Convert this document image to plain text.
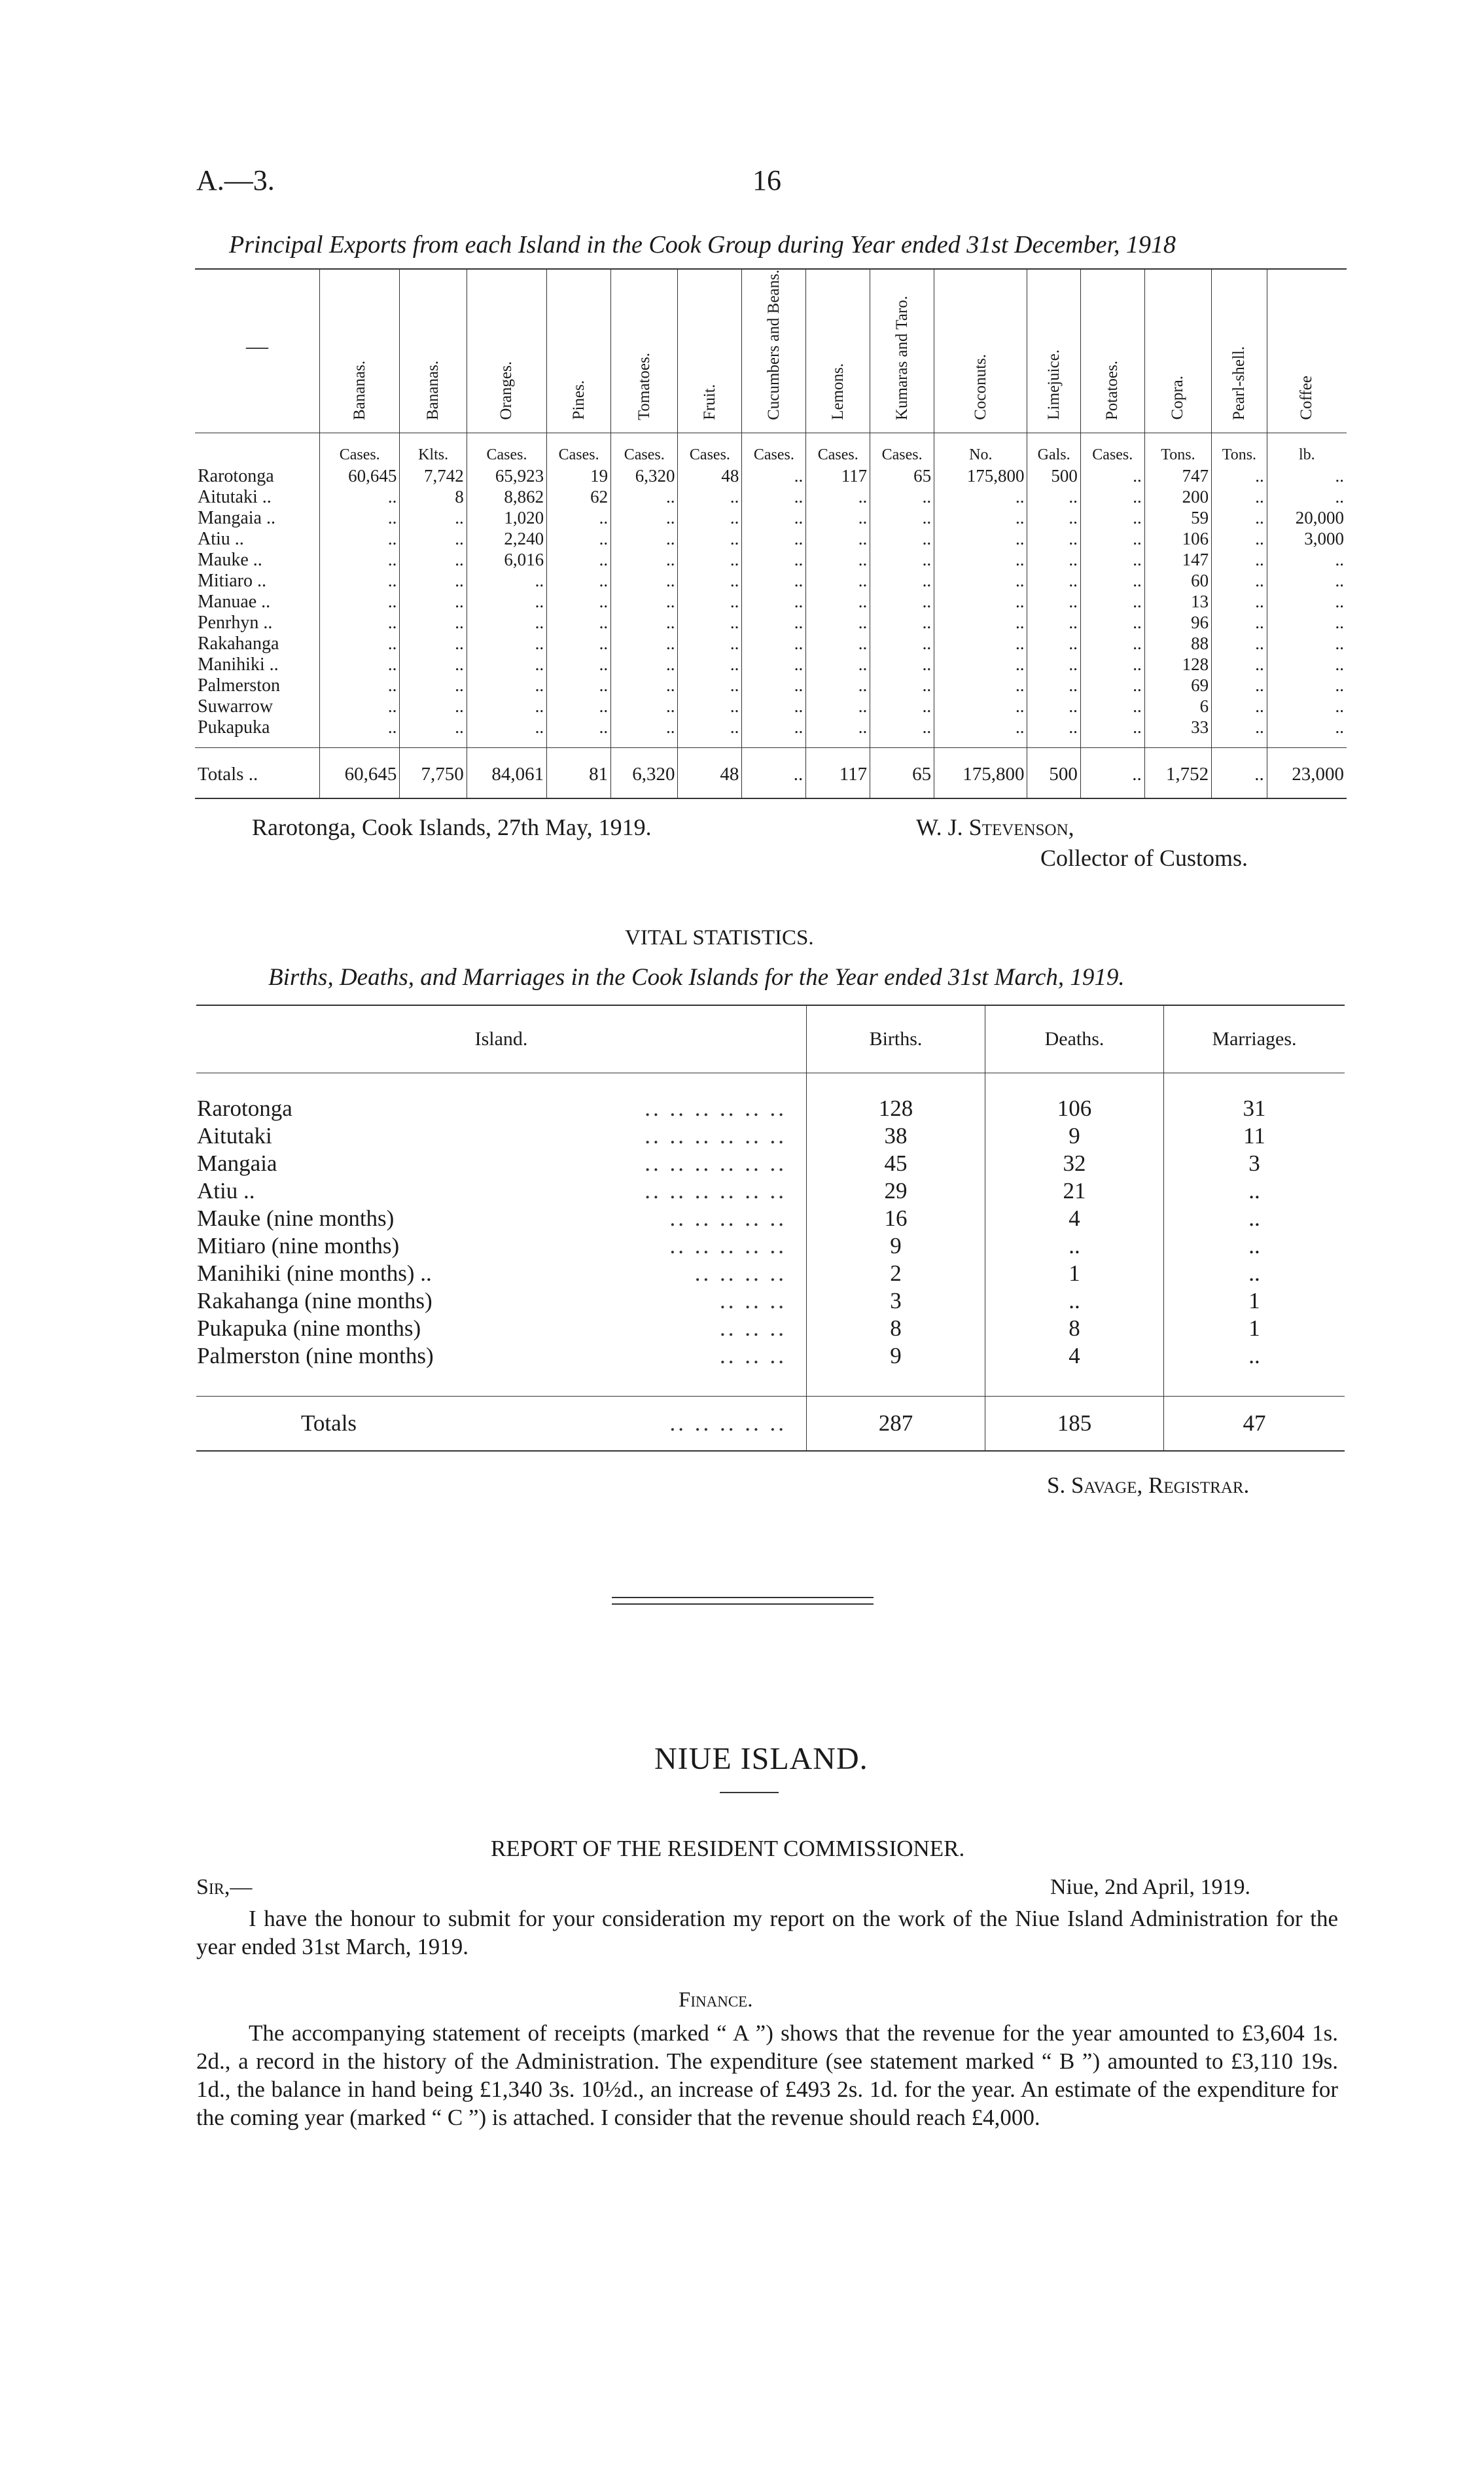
A.—3.	16
Principal Exports from each Island in the Cook Group during Year ended 31st December, 1918
—	Bananas.	Bananas.	Oranges.	Pines.	Tomatoes.	Fruit.	Cucumbers and Beans.	Lemons.	Kumaras and Taro.	Coconuts.	Limejuice.	Potatoes.	Copra.	Pearl-shell.	Coffee
	Cases.	Klts.	Cases.	Cases.	Cases.	Cases.	Cases.	Cases.	Cases.	No.	Gals.	Cases.	Tons.	Tons.	lb.
Rarotonga	60,645	7,742	65,923	19	6,320	48	..	117	65	175,800	500	..	747	..	..
Aitutaki ..	..	8	8,862	62	..	..	..	..	..	..	..	..	200	..	..
Mangaia ..	..	..	1,020	..	..	..	..	..	..	..	..	..	59	..	20,000
Atiu ..	..	..	2,240	..	..	..	..	..	..	..	..	..	106	..	3,000
Mauke ..	..	..	6,016	..	..	..	..	..	..	..	..	..	147	..	..
Mitiaro ..	..	..	..	..	..	..	..	..	..	..	..	..	60	..	..
Manuae ..	..	..	..	..	..	..	..	..	..	..	..	..	13	..	..
Penrhyn ..	..	..	..	..	..	..	..	..	..	..	..	..	96	..	..
Rakahanga	..	..	..	..	..	..	..	..	..	..	..	..	88	..	..
Manihiki ..	..	..	..	..	..	..	..	..	..	..	..	..	128	..	..
Palmerston	..	..	..	..	..	..	..	..	..	..	..	..	69	..	..
Suwarrow	..	..	..	..	..	..	..	..	..	..	..	..	6	..	..
Pukapuka	..	..	..	..	..	..	..	..	..	..	..	..	33	..	..
Totals ..	60,645	7,750	84,061	81	6,320	48	..	117	65	175,800	500	..	1,752	..	23,000
Rarotonga, Cook Islands, 27th May, 1919.	W. J. Stevenson,
Collector of Customs.
VITAL STATISTICS.
Births, Deaths, and Marriages in the Cook Islands for the Year ended 31st March, 1919.
Island.	Births.	Deaths.	Marriages.
Rarotonga .. .. .. .. .. ..	128	106	31
Aitutaki .. .. .. .. .. ..	38	9	11
Mangaia .. .. .. .. .. ..	45	32	3
Atiu .. .. .. .. .. .. ..	29	21	..
Mauke (nine months) .. .. .. .. ..	16	4	..
Mitiaro (nine months) .. .. .. .. ..	9	..	..
Manihiki (nine months) .. .. .. .. ..	2	1	..
Rakahanga (nine months) .. .. ..	3	..	1
Pukapuka (nine months) .. .. ..	8	8	1
Palmerston (nine months) .. .. ..	9	4	..

Totals .. .. .. .. ..	287	185	47
S. Savage, Registrar.
NIUE ISLAND.
REPORT OF THE RESIDENT COMMISSIONER.
Sir,—	Niue, 2nd April, 1919.
I have the honour to submit for your consideration my report on the work of the Niue Island Administration for the year ended 31st March, 1919.
Finance.
The accompanying statement of receipts (marked “ A ”) shows that the revenue for the year amounted to £3,604 1s. 2d., a record in the history of the Administration. The expenditure (see statement marked “ B ”) amounted to £3,110 19s. 1d., the balance in hand being £1,340 3s. 10½d., an increase of £493 2s. 1d. for the year. An estimate of the expenditure for the coming year (marked “ C ”) is attached. I consider that the revenue should reach £4,000.
